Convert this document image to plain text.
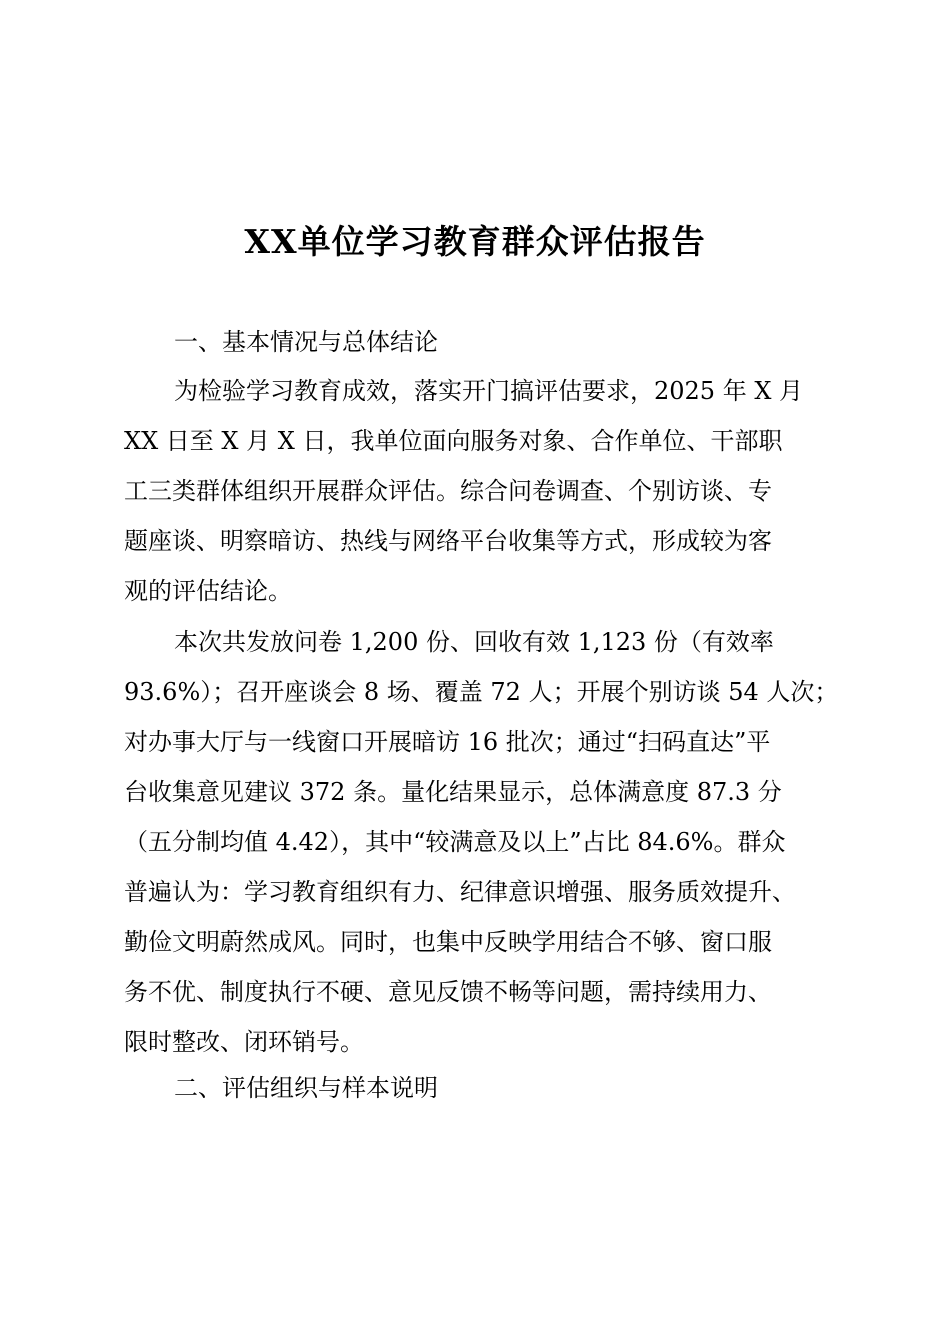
XX单位学习教育群众评估报告
一、基本情况与总体结论
为检验学习教育成效，落实开门搞评估要求，2025 年 X 月
XX 日至 X 月 X 日，我单位面向服务对象、合作单位、干部职
工三类群体组织开展群众评估。综合问卷调查、个别访谈、专
题座谈、明察暗访、热线与网络平台收集等方式，形成较为客
观的评估结论。
本次共发放问卷 1,200 份、回收有效 1,123 份（有效率
93.6%）；召开座谈会 8 场、覆盖 72 人；开展个别访谈 54 人次；
对办事大厅与一线窗口开展暗访 16 批次；通过“扫码直达”平
台收集意见建议 372 条。量化结果显示，总体满意度 87.3 分
（五分制均值 4.42），其中“较满意及以上”占比 84.6%。群众
普遍认为：学习教育组织有力、纪律意识增强、服务质效提升、
勤俭文明蔚然成风。同时，也集中反映学用结合不够、窗口服
务不优、制度执行不硬、意见反馈不畅等问题，需持续用力、
限时整改、闭环销号。
二、评估组织与样本说明
